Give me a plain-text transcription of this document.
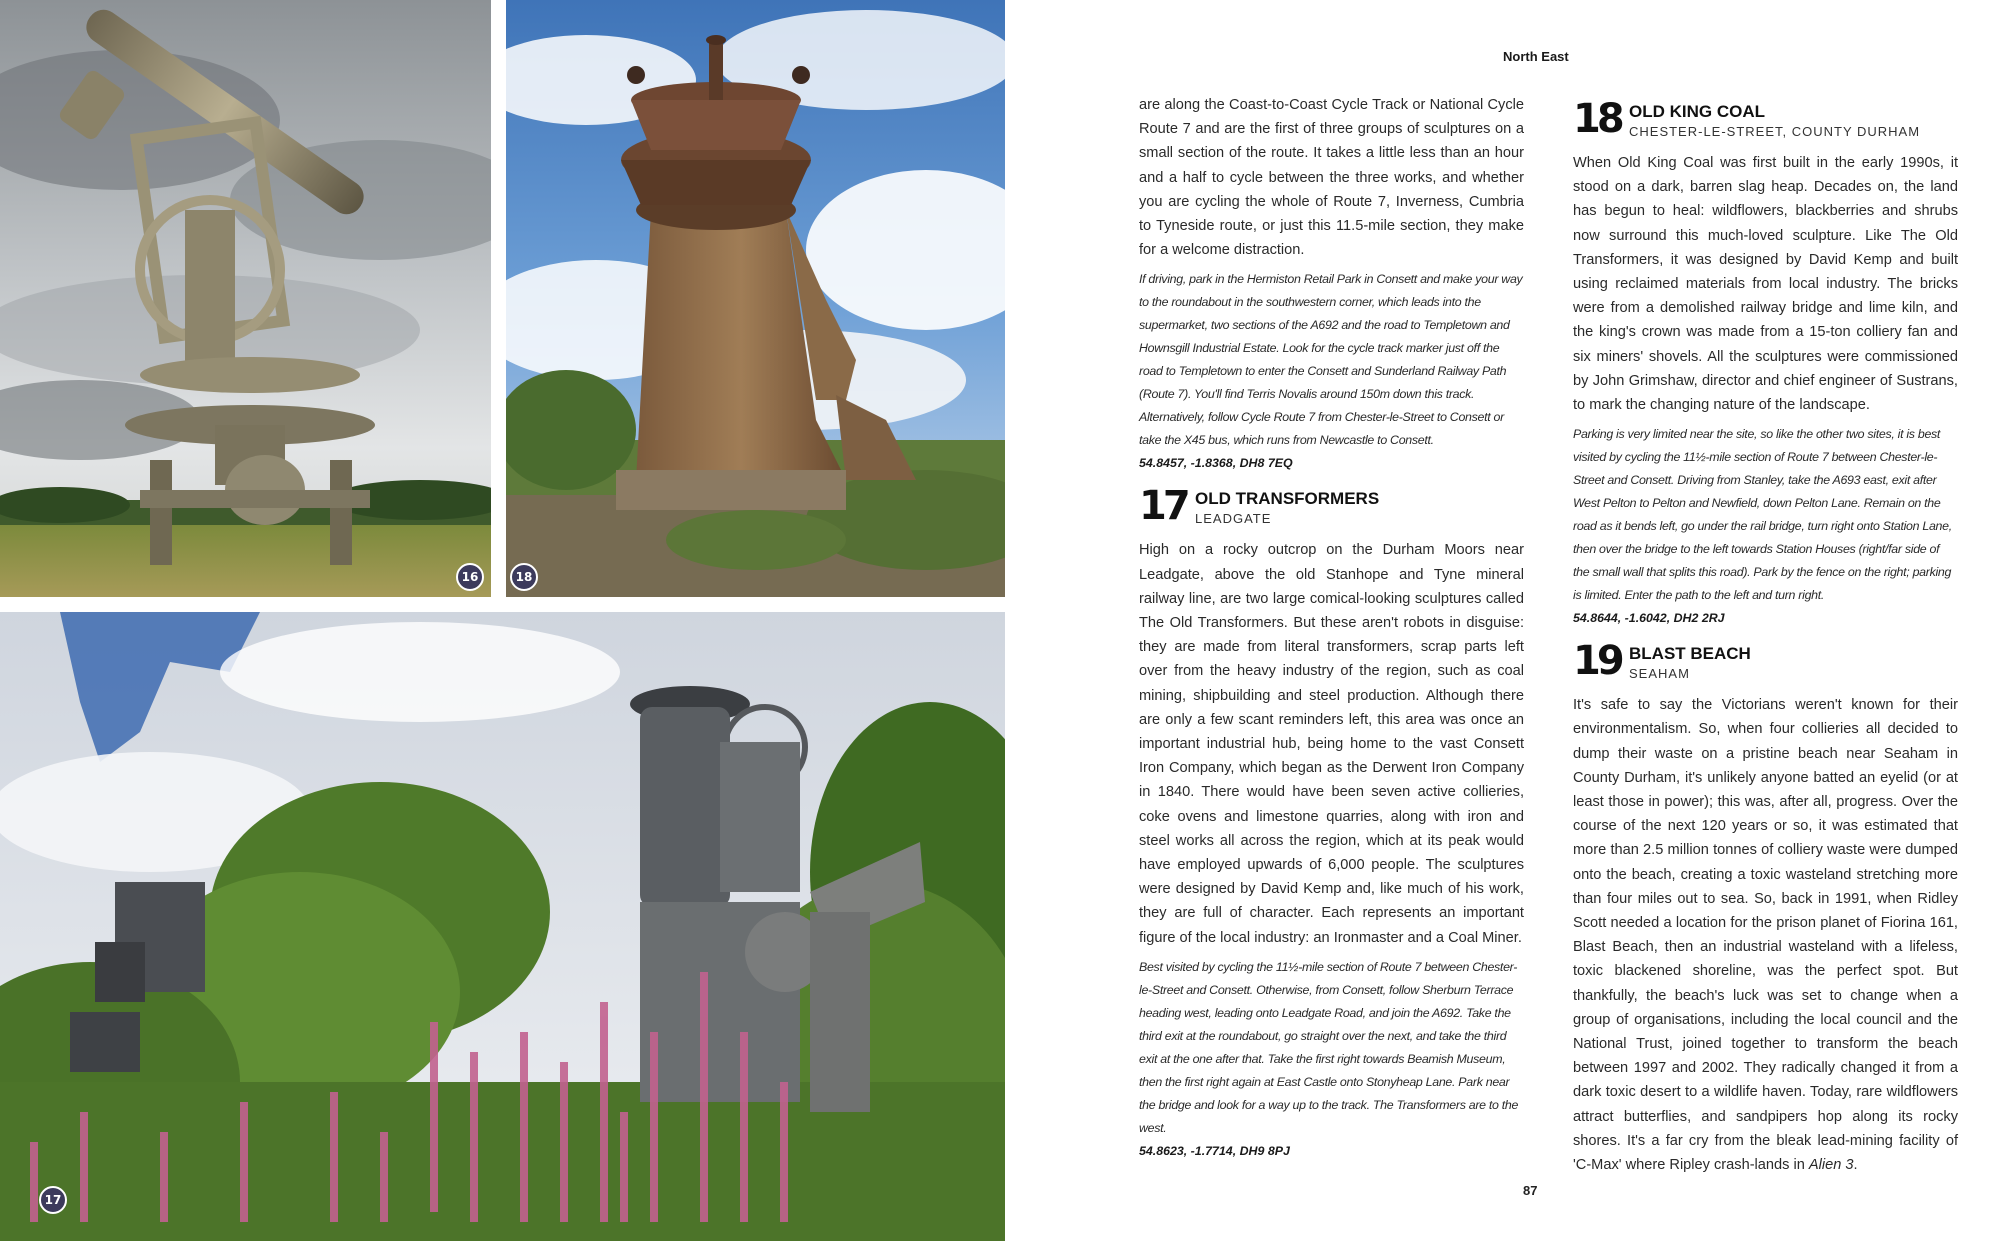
16	18
17
North East

are along the Coast-to-Coast Cycle Track or National Cycle Route 7 and are the first of three groups of sculptures on a small section of the route. It takes a little less than an hour and a half to cycle between the three works, and whether you are cycling the whole of Route 7, Inverness, Cumbria to Tyneside route, or just this 11.5-mile section, they make for a welcome distraction.

If driving, park in the Hermiston Retail Park in Consett and make your way to the roundabout in the southwestern corner, which leads into the supermarket, two sections of the A692 and the road to Templetown and Hownsgill Industrial Estate. Look for the cycle track marker just off the road to Templetown to enter the Consett and Sunderland Railway Path (Route 7). You'll find Terris Novalis around 150m down this track. Alternatively, follow Cycle Route 7 from Chester-le-Street to Consett or take the X45 bus, which runs from Newcastle to Consett.

54.8457, -1.8368, DH8 7EQ

17 OLD TRANSFORMERS
LEADGATE

High on a rocky outcrop on the Durham Moors near Leadgate, above the old Stanhope and Tyne mineral railway line, are two large comical-looking sculptures called The Old Transformers. But these aren't robots in disguise: they are made from literal transformers, scrap parts left over from the heavy industry of the region, such as coal mining, shipbuilding and steel production. Although there are only a few scant reminders left, this area was once an important industrial hub, being home to the vast Consett Iron Company, which began as the Derwent Iron Company in 1840. There would have been seven active collieries, coke ovens and limestone quarries, along with iron and steel works all across the region, which at its peak would have employed upwards of 6,000 people. The sculptures were designed by David Kemp and, like much of his work, they are full of character. Each represents an important figure of the local industry: an Ironmaster and a Coal Miner.

Best visited by cycling the 11½-mile section of Route 7 between Chester-le-Street and Consett. Otherwise, from Consett, follow Sherburn Terrace heading west, leading onto Leadgate Road, and join the A692. Take the third exit at the roundabout, go straight over the next, and take the third exit at the one after that. Take the first right towards Beamish Museum, then the first right again at East Castle onto Stonyheap Lane. Park near the bridge and look for a way up to the track. The Transformers are to the west.

54.8623, -1.7714, DH9 8PJ

18 OLD KING COAL
CHESTER-LE-STREET, COUNTY DURHAM

When Old King Coal was first built in the early 1990s, it stood on a dark, barren slag heap. Decades on, the land has begun to heal: wildflowers, blackberries and shrubs now surround this much-loved sculpture. Like The Old Transformers, it was designed by David Kemp and built using reclaimed materials from local industry. The bricks were from a demolished railway bridge and lime kiln, and the king's crown was made from a 15-ton colliery fan and six miners' shovels. All the sculptures were commissioned by John Grimshaw, director and chief engineer of Sustrans, to mark the changing nature of the landscape.

Parking is very limited near the site, so like the other two sites, it is best visited by cycling the 11½-mile section of Route 7 between Chester-le-Street and Consett. Driving from Stanley, take the A693 east, exit after West Pelton to Pelton and Newfield, down Pelton Lane. Remain on the road as it bends left, go under the rail bridge, turn right onto Station Lane, then over the bridge to the left towards Station Houses (right/far side of the small wall that splits this road). Park by the fence on the right; parking is limited. Enter the path to the left and turn right.

54.8644, -1.6042, DH2 2RJ

19 BLAST BEACH
SEAHAM

It's safe to say the Victorians weren't known for their environmentalism. So, when four collieries all decided to dump their waste on a pristine beach near Seaham in County Durham, it's unlikely anyone batted an eyelid (or at least those in power); this was, after all, progress. Over the course of the next 120 years or so, it was estimated that more than 2.5 million tonnes of colliery waste were dumped onto the beach, creating a toxic wasteland stretching more than four miles out to sea. So, back in 1991, when Ridley Scott needed a location for the prison planet of Fiorina 161, Blast Beach, then an industrial wasteland with a lifeless, toxic blackened shoreline, was the perfect spot. But thankfully, the beach's luck was set to change when a group of organisations, including the local council and the National Trust, joined together to transform the beach between 1997 and 2002. They radically changed it from a dark toxic desert to a wildlife haven. Today, rare wildflowers attract butterflies, and sandpipers hop along its rocky shores. It's a far cry from the bleak lead-mining facility of 'C-Max' where Ripley crash-lands in Alien 3.

87
